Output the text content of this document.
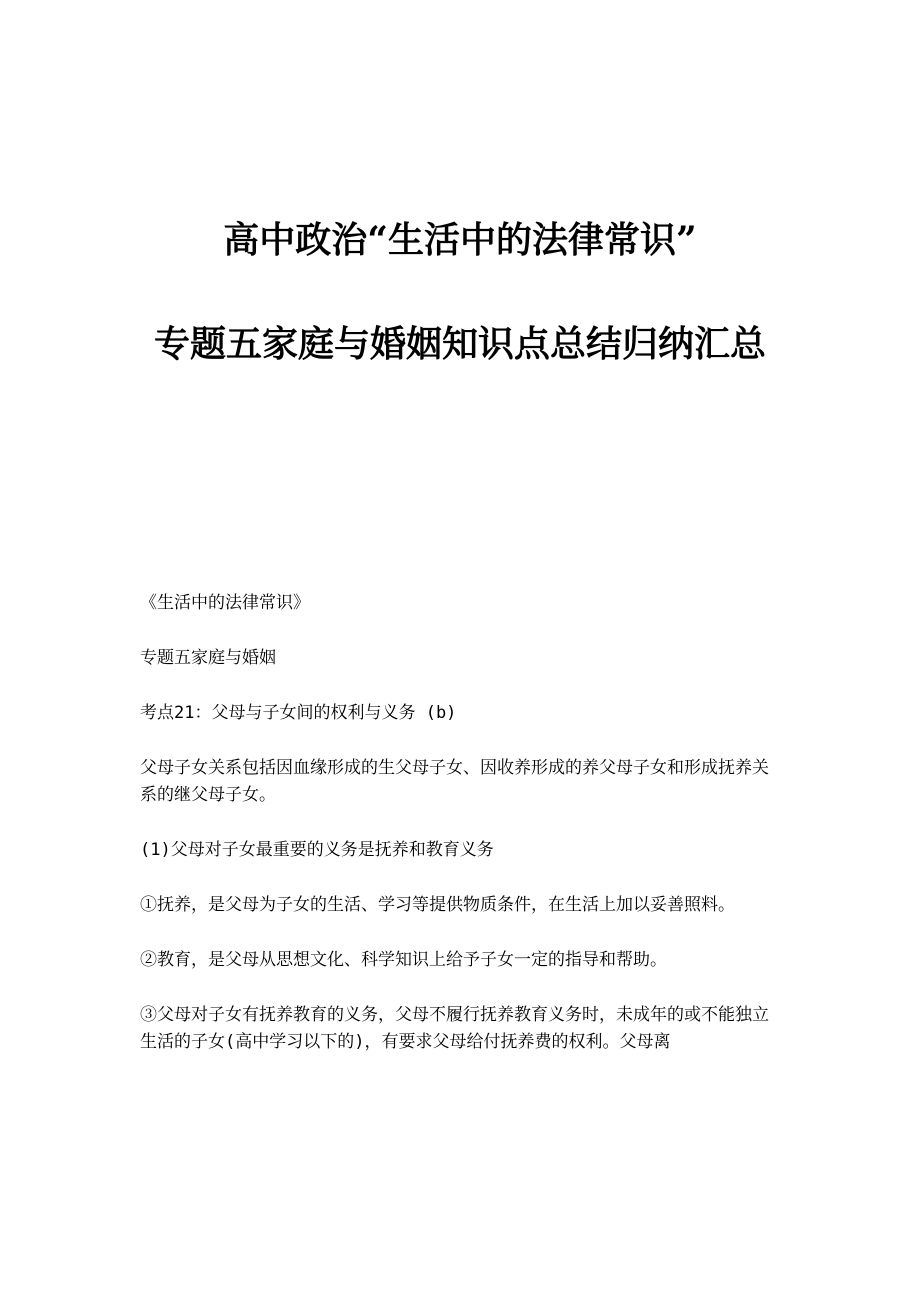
高中政治“生活中的法律常识”
专题五家庭与婚姻知识点总结归纳汇总

《生活中的法律常识》

专题五家庭与婚姻

考点21：父母与子女间的权利与义务 (b)

父母子女关系包括因血缘形成的生父母子女、因收养形成的养父母子女和形成抚养关系的继父母子女。

(1)父母对子女最重要的义务是抚养和教育义务

①抚养，是父母为子女的生活、学习等提供物质条件，在生活上加以妥善照料。

②教育，是父母从思想文化、科学知识上给予子女一定的指导和帮助。

③父母对子女有抚养教育的义务，父母不履行抚养教育义务时，未成年的或不能独立生活的子女(高中学习以下的)，有要求父母给付抚养费的权利。父母离
